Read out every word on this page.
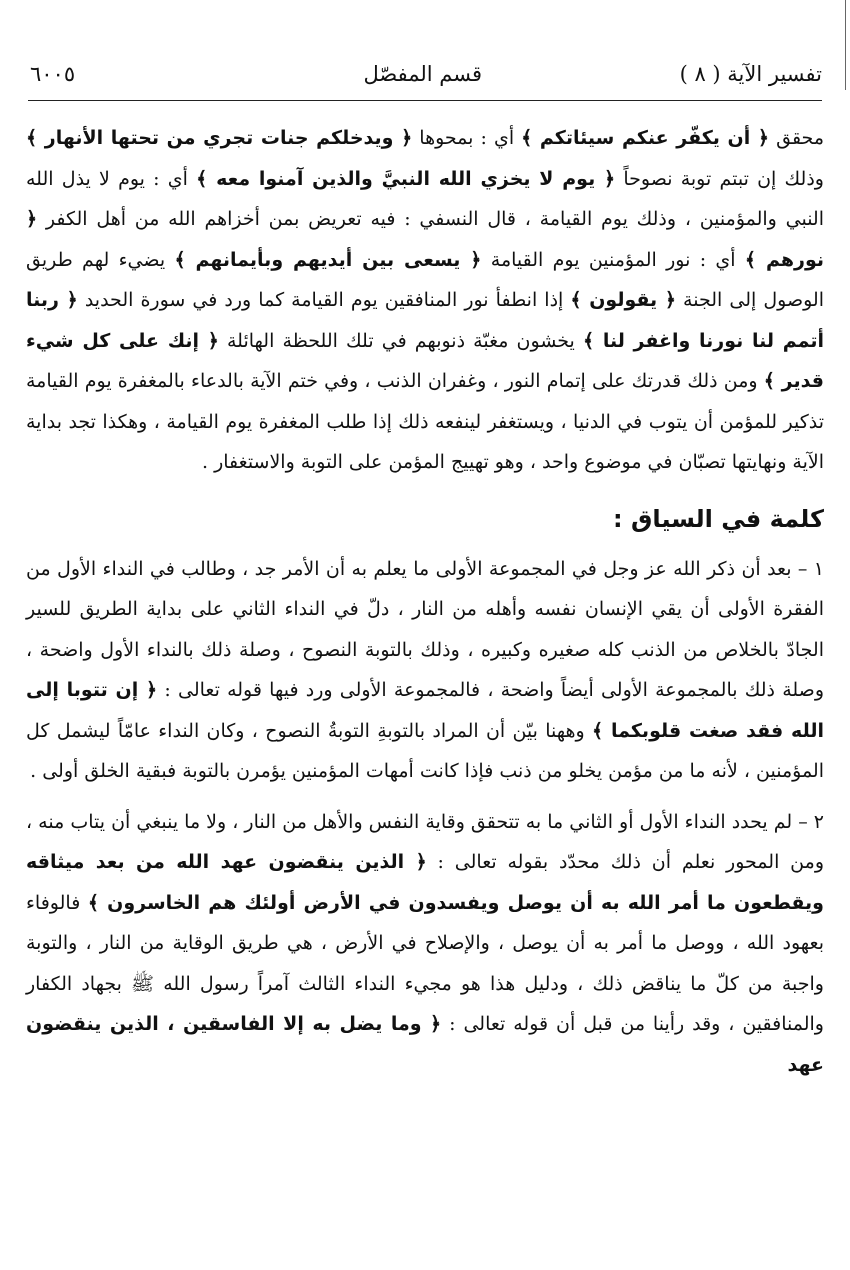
تفسير الآية ( ٨ )
قسم المفصّل
٦٠٠٥

محقق ﴿ أن يكفّر عنكم سيئاتكم ﴾ أي : بمحوها ﴿ ويدخلكم جنات تجري من تحتها الأنهار ﴾ وذلك إن تبتم توبة نصوحاً ﴿ يوم لا يخزي الله النبيَّ والذين آمنوا معه ﴾ أي : يوم لا يذل الله النبي والمؤمنين ، وذلك يوم القيامة ، قال النسفي : فيه تعريض بمن أخزاهم الله من أهل الكفر ﴿ نورهم ﴾ أي : نور المؤمنين يوم القيامة ﴿ يسعى بين أيديهم وبأيمانهم ﴾ يضيء لهم طريق الوصول إلى الجنة ﴿ يقولون ﴾ إذا انطفأ نور المنافقين يوم القيامة كما ورد في سورة الحديد ﴿ ربنا أتمم لنا نورنا واغفر لنا ﴾ يخشون مغبّة ذنوبهم في تلك اللحظة الهائلة ﴿ إنك على كل شيء قدير ﴾ ومن ذلك قدرتك على إتمام النور ، وغفران الذنب ، وفي ختم الآية بالدعاء بالمغفرة يوم القيامة تذكير للمؤمن أن يتوب في الدنيا ، ويستغفر لينفعه ذلك إذا طلب المغفرة يوم القيامة ، وهكذا تجد بداية الآية ونهايتها تصبّان في موضوع واحد ، وهو تهييج المؤمن على التوبة والاستغفار .

كلمة في السياق :

١ – بعد أن ذكر الله عز وجل في المجموعة الأولى ما يعلم به أن الأمر جد ، وطالب في النداء الأول من الفقرة الأولى أن يقي الإنسان نفسه وأهله من النار ، دلّ في النداء الثاني على بداية الطريق للسير الجادّ بالخلاص من الذنب كله صغيره وكبيره ، وذلك بالتوبة النصوح ، وصلة ذلك بالنداء الأول واضحة ، وصلة ذلك بالمجموعة الأولى أيضاً واضحة ، فالمجموعة الأولى ورد فيها قوله تعالى : ﴿ إن تتوبا إلى الله فقد صغت قلوبكما ﴾ وههنا بيّن أن المراد بالتوبةِ التوبةُ النصوح ، وكان النداء عامّاً ليشمل كل المؤمنين ، لأنه ما من مؤمن يخلو من ذنب فإذا كانت أمهات المؤمنين يؤمرن بالتوبة فبقية الخلق أولى .

٢ – لم يحدد النداء الأول أو الثاني ما به تتحقق وقاية النفس والأهل من النار ، ولا ما ينبغي أن يتاب منه ، ومن المحور نعلم أن ذلك محدّد بقوله تعالى : ﴿ الذين ينقضون عهد الله من بعد ميثاقه ويقطعون ما أمر الله به أن يوصل ويفسدون في الأرض أولئك هم الخاسرون ﴾ فالوفاء بعهود الله ، ووصل ما أمر به أن يوصل ، والإصلاح في الأرض ، هي طريق الوقاية من النار ، والتوبة واجبة من كلّ ما يناقض ذلك ، ودليل هذا هو مجيء النداء الثالث آمراً رسول الله ﷺ بجهاد الكفار والمنافقين ، وقد رأينا من قبل أن قوله تعالى : ﴿ وما يضل به إلا الفاسقين ، الذين ينقضون عهد
